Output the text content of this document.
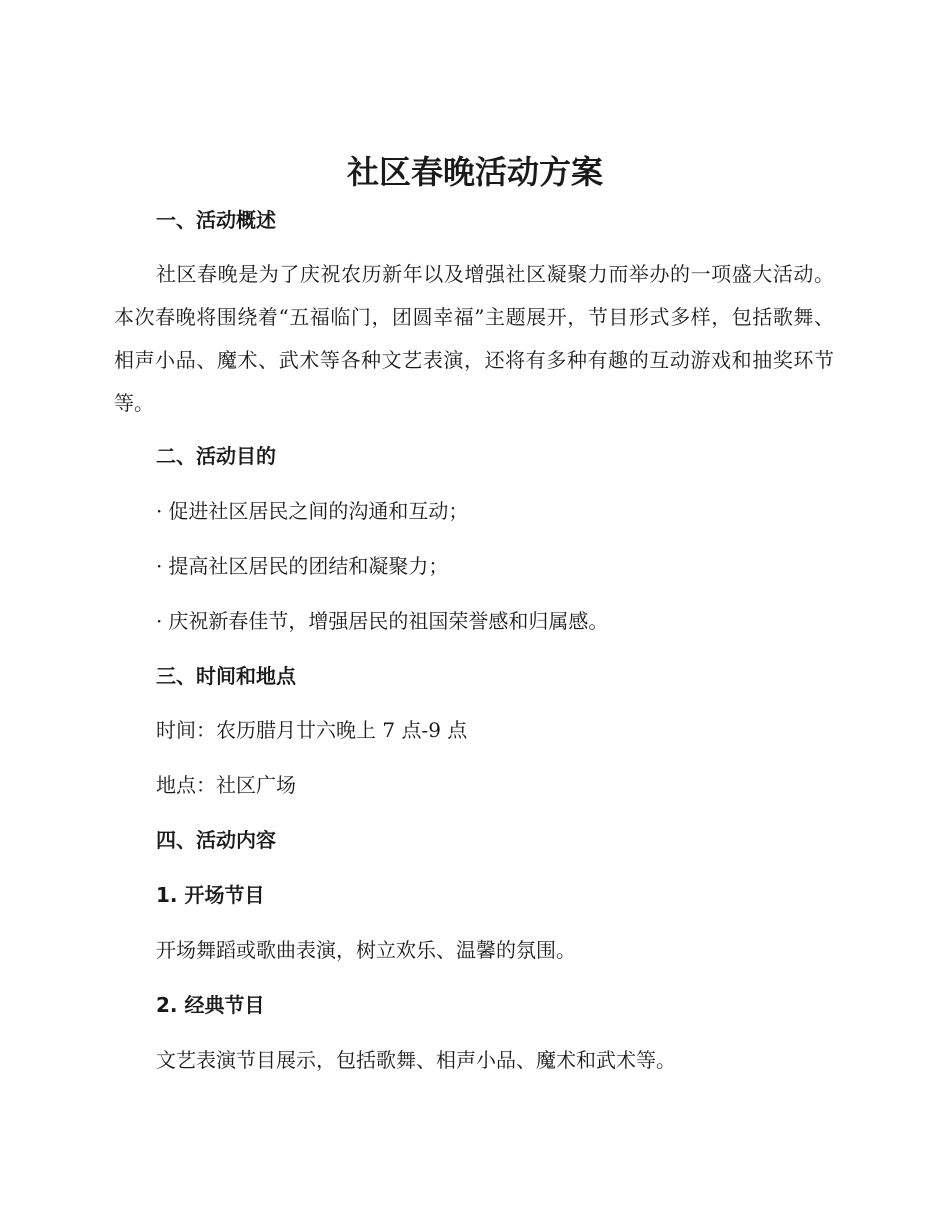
社区春晚活动方案
一、活动概述

社区春晚是为了庆祝农历新年以及增强社区凝聚力而举办的一项盛大活动。本次春晚将围绕着“五福临门，团圆幸福”主题展开，节目形式多样，包括歌舞、相声小品、魔术、武术等各种文艺表演，还将有多种有趣的互动游戏和抽奖环节等。

二、活动目的

· 促进社区居民之间的沟通和互动；

· 提高社区居民的团结和凝聚力；

· 庆祝新春佳节，增强居民的祖国荣誉感和归属感。

三、时间和地点

时间：农历腊月廿六晚上 7 点-9 点

地点：社区广场

四、活动内容
1. 开场节目

开场舞蹈或歌曲表演，树立欢乐、温馨的氛围。

2. 经典节目

文艺表演节目展示，包括歌舞、相声小品、魔术和武术等。
